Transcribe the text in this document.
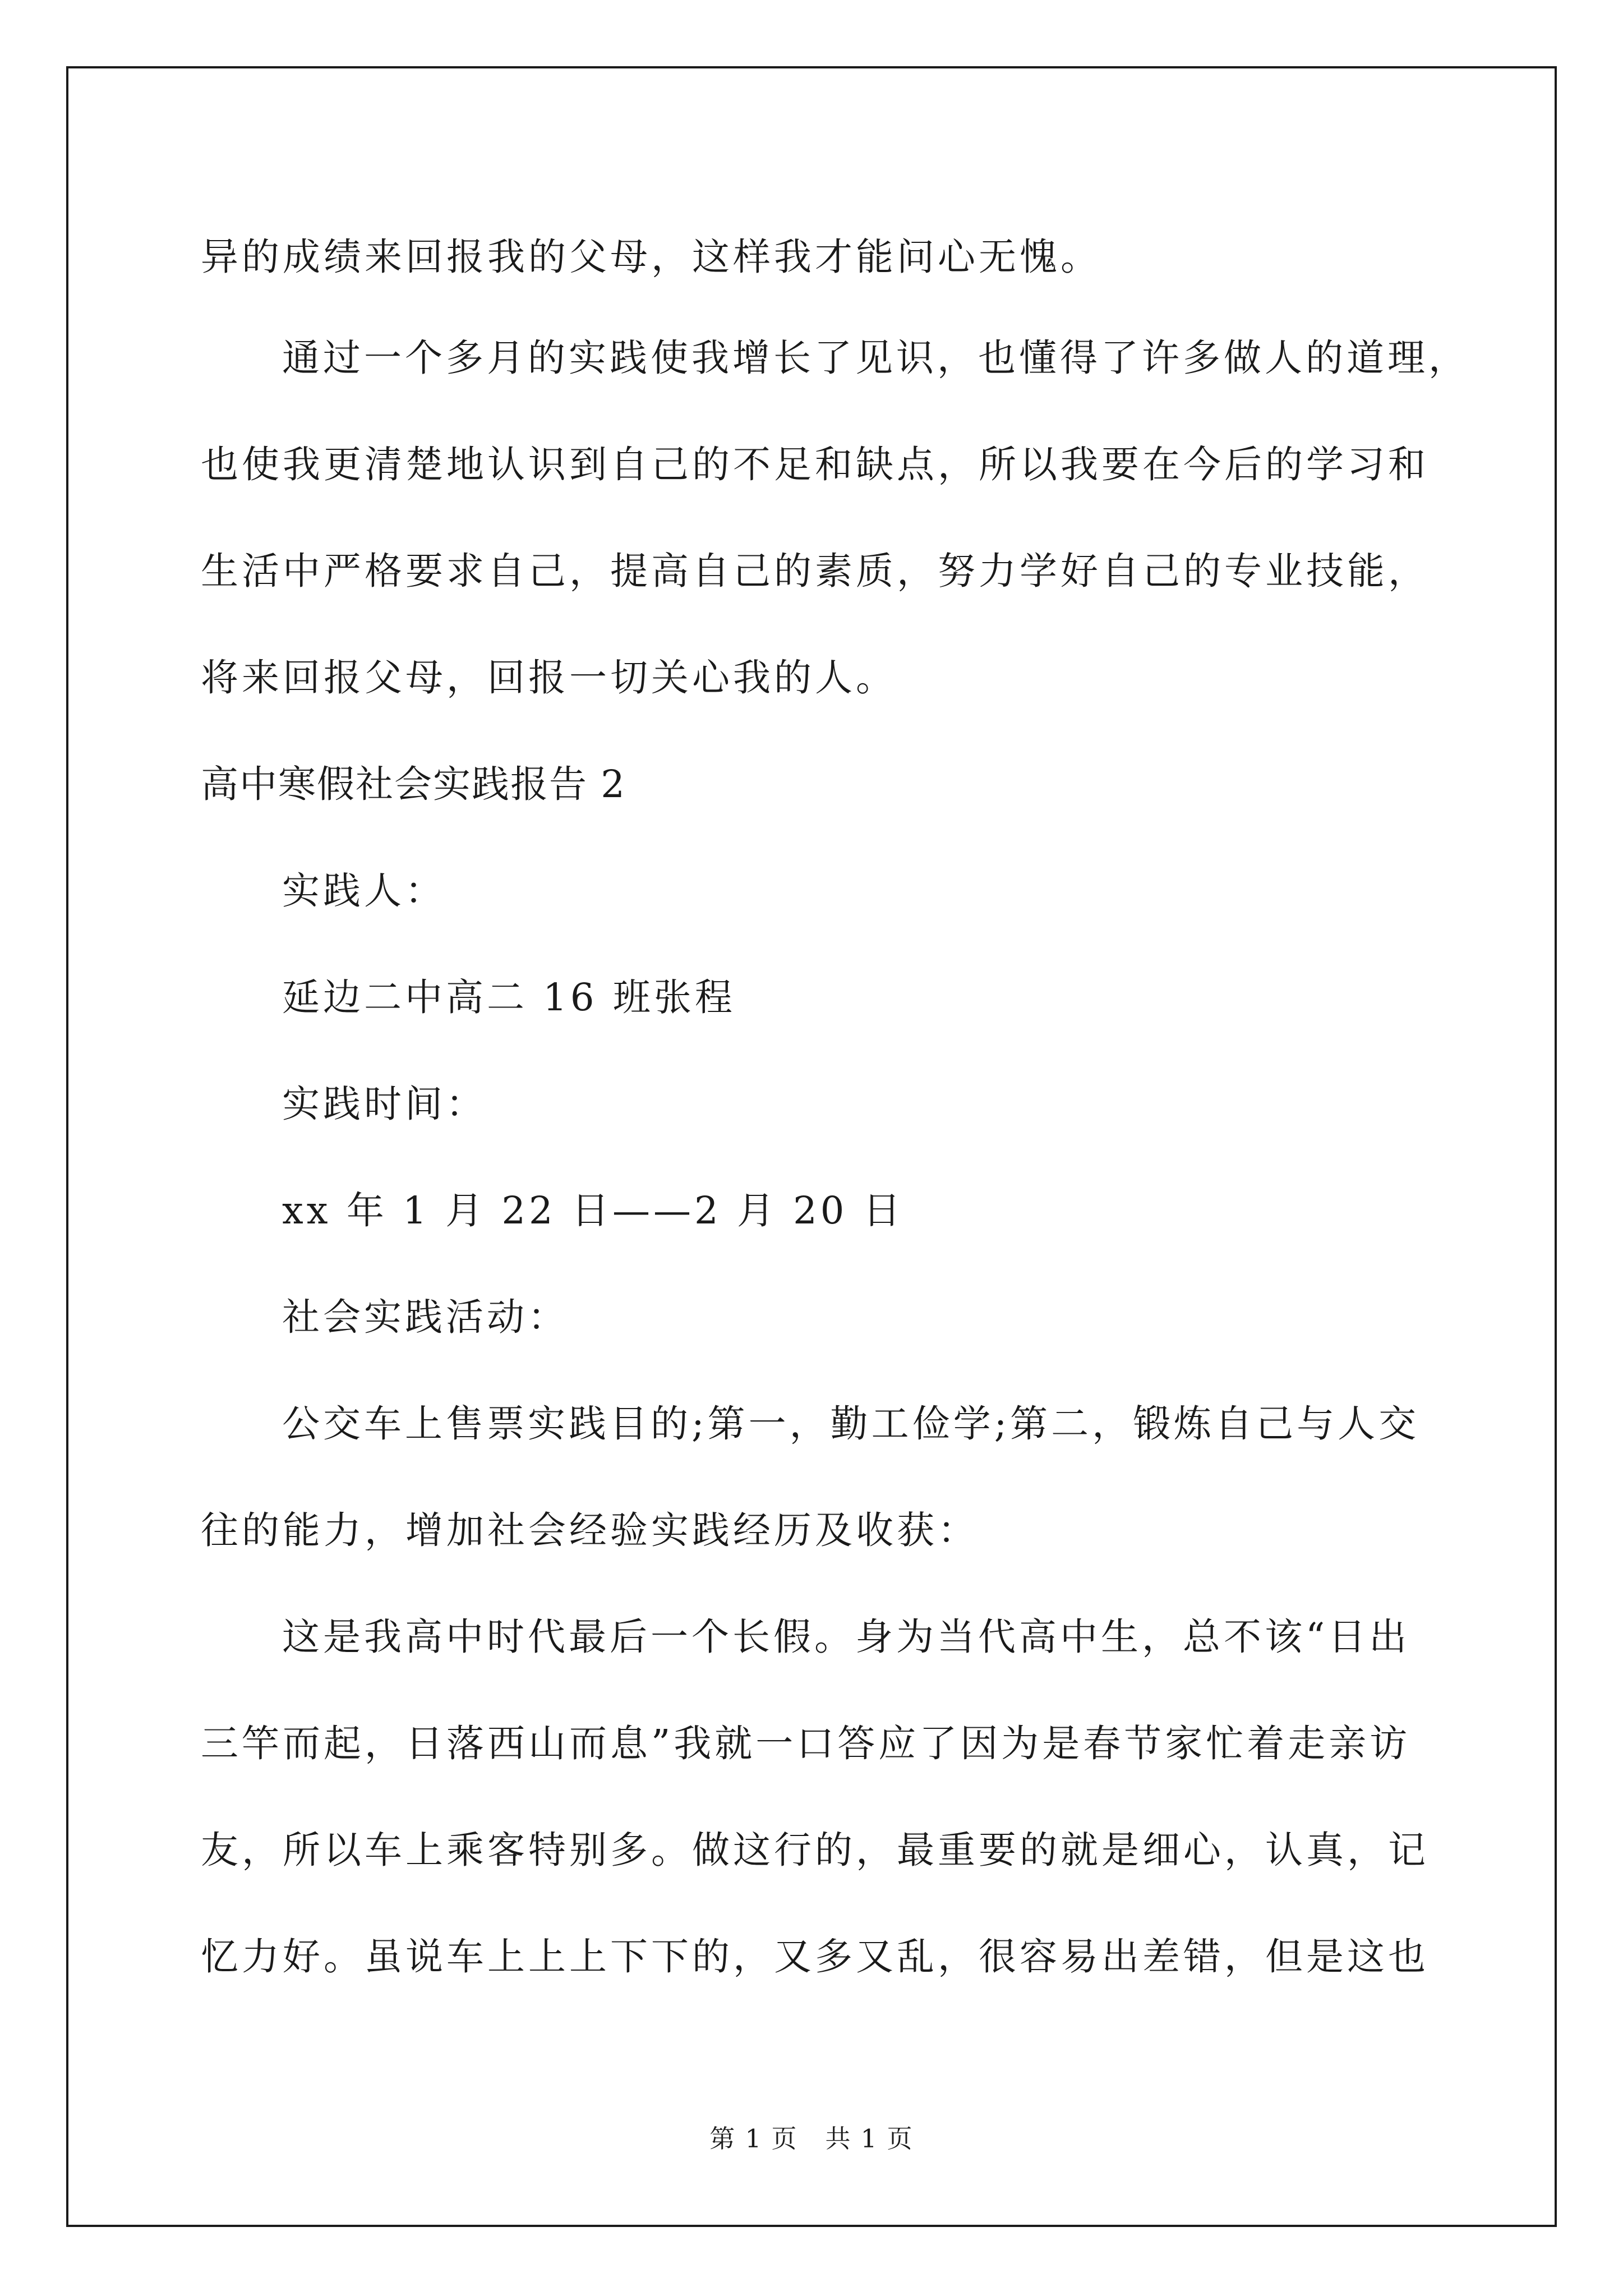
异的成绩来回报我的父母，这样我才能问心无愧。
通过一个多月的实践使我增长了见识，也懂得了许多做人的道理，
也使我更清楚地认识到自己的不足和缺点，所以我要在今后的学习和
生活中严格要求自己，提高自己的素质，努力学好自己的专业技能，
将来回报父母，回报一切关心我的人。
高中寒假社会实践报告 2
实践人：
延边二中高二 16 班张程
实践时间：
xx 年 1 月 22 日——2 月 20 日
社会实践活动：
公交车上售票实践目的;第一，勤工俭学;第二，锻炼自己与人交
往的能力，增加社会经验实践经历及收获：
这是我高中时代最后一个长假。身为当代高中生，总不该“日出
三竿而起，日落西山而息”我就一口答应了因为是春节家忙着走亲访
友，所以车上乘客特别多。做这行的，最重要的就是细心，认真，记
忆力好。虽说车上上上下下的，又多又乱，很容易出差错，但是这也
第 1 页   共 1 页
